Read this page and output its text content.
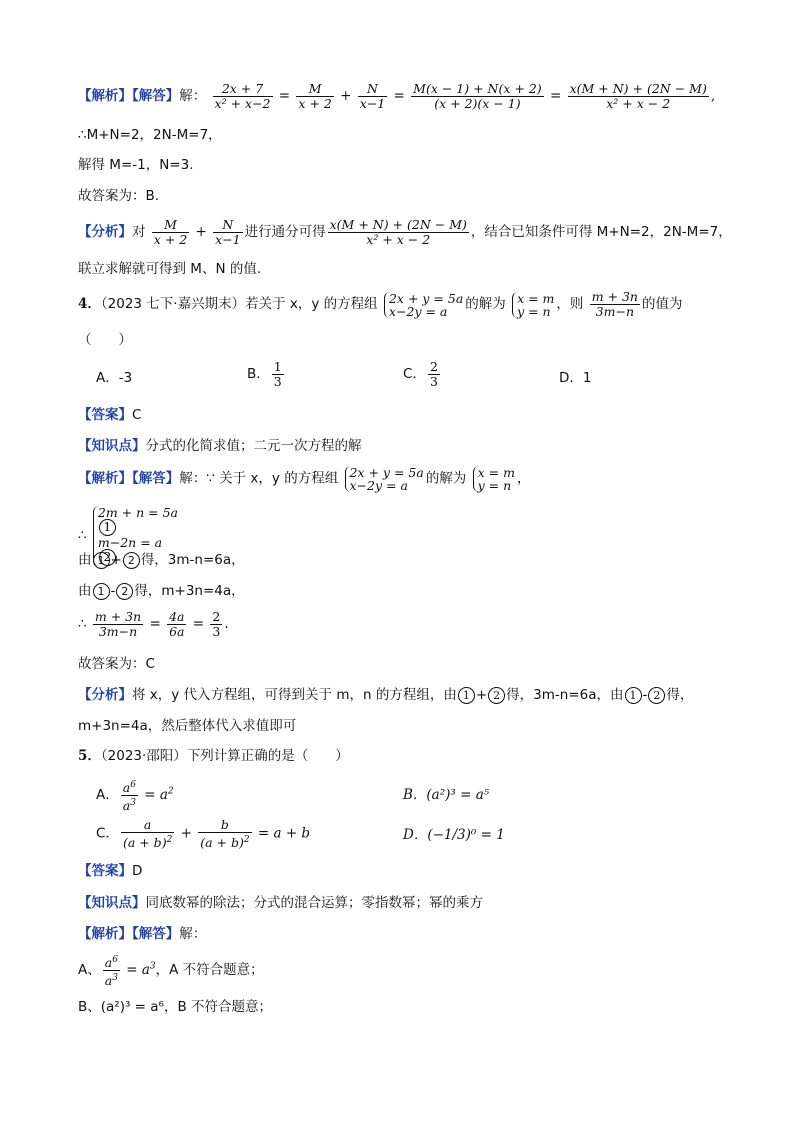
【解析】【解答】解： $\frac{2x + 7}{\text{x² + x−2}} = \frac{M}{x + 2} + \frac{N}{x-1} = \frac{M(x - 1) + N(x + 2)}{(x + 2)(x - 1)} = \frac{x(M + N) + (2N - M)}{\text{x² + x − 2}}$ ,
∴M+N=2，2N-M=7，
解得 M=-1，N=3.
故答案为：B.
【分析】对 $\frac{M}{x + 2} + \frac{N}{x-1}$ 进行通分可得 $\frac{x(M + N) + (2N - M)}{\text{x² + x − 2}}$ ，结合已知条件可得 M+N=2，2N-M=7，
联立求解就可得到 M、N 的值.
4．（2023 七下·嘉兴期末）若关于 x，y 的方程组 2x + y = 5a
x−2y = a	的解为 x = m
y = n ，则 $\frac{m + 3n}{3m-n}$ 的值为
（　　）
A．-3	B． $\frac{1}{3}$	C． $\frac{2}{3}$	D．1
【答案】C
【知识点】分式的化简求值；二元一次方程的解
【解析】【解答】解：∵ 关于 x，y 的方程组 2x + y = 5a
x−2y = a	的解为 x = m
y = n ，
∴
2m + n = 5a
1
m−2n = a
2
由 1 + 2 得，3m-n=6a，
由 1 - 2 得，m+3n=4a，
∴ $\frac{m + 3n}{3m-n} = \frac{4a}{6a} = \frac{2}{3}$ .
故答案为：C
【分析】将 x，y 代入方程组，可得到关于 m，n 的方程组，由 1 + 2 得，3m-n=6a，由 1 - 2 得，
m+3n=4a，然后整体代入求值即可
5．（2023·邵阳）下列计算正确的是（　　）
A． $\frac{a^6}{a^3} = a^2$	B．(a²)³ = a⁵
C． $\frac{a}{(a + b)^2} + \frac{b}{(a + b)^2} = a + b$	D．(−1/3)⁰ = 1
【答案】D
【知识点】同底数幂的除法；分式的混合运算；零指数幂；幂的乘方
【解析】【解答】解：
A、 $\frac{a^6}{a^3} = a^3$，A 不符合题意；
B、(a²)³ = a⁶，B 不符合题意；
